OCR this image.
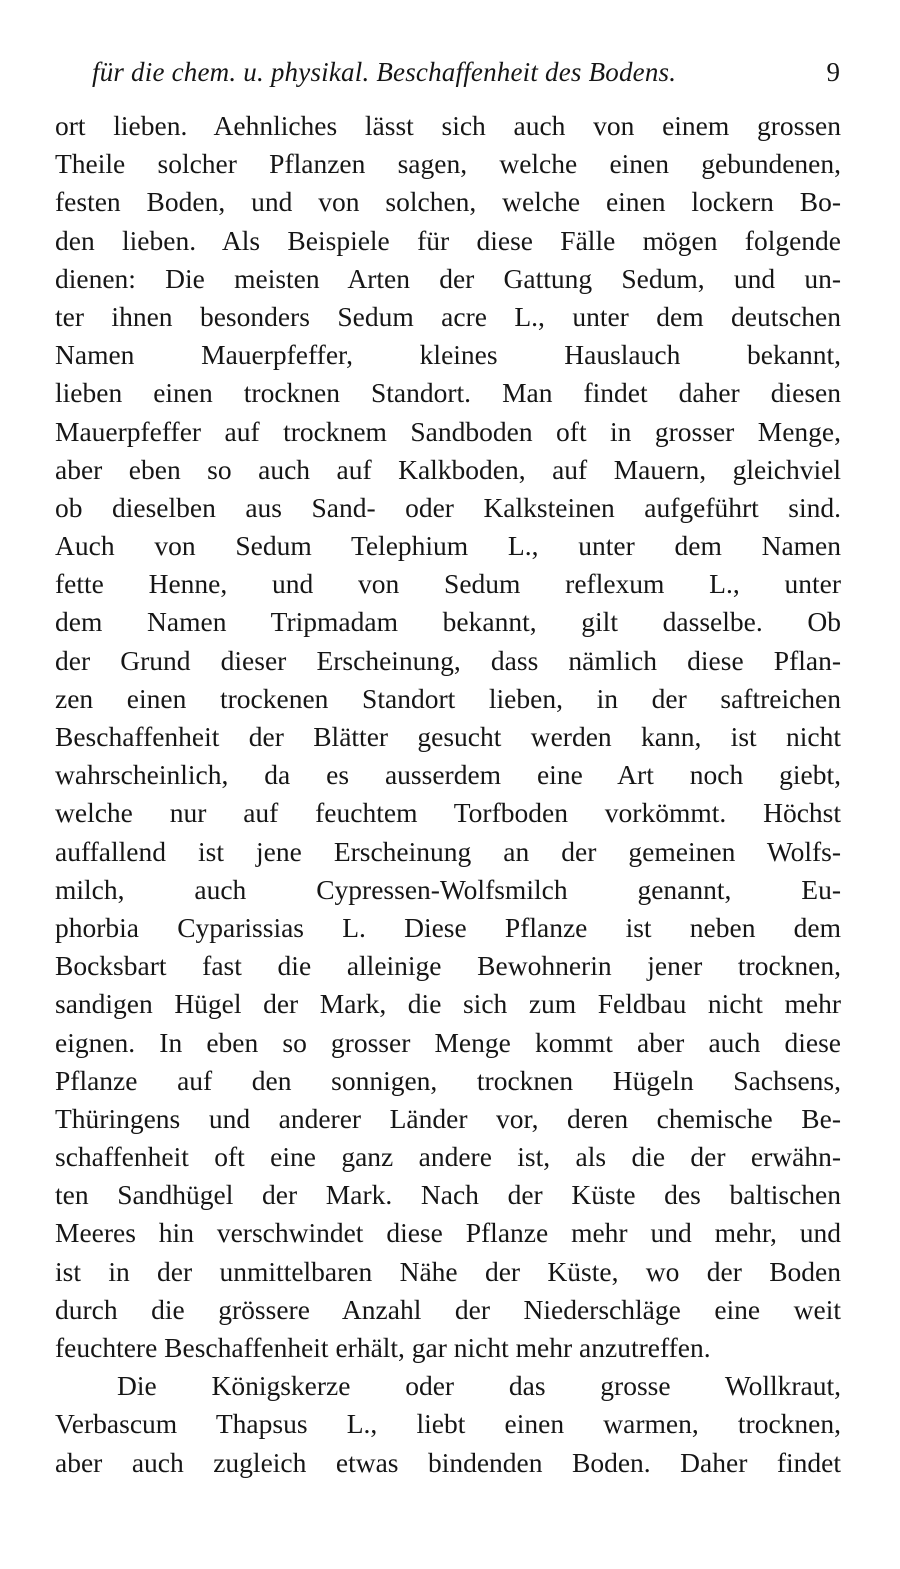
für die chem. u. physikal. Beschaffenheit des Bodens.	9
ort lieben. Aehnliches lässt sich auch von einem grossen
Theile solcher Pflanzen sagen, welche einen gebundenen,
festen Boden, und von solchen, welche einen lockern Bo-
den lieben. Als Beispiele für diese Fälle mögen folgende
dienen: Die meisten Arten der Gattung Sedum, und un-
ter ihnen besonders Sedum acre L., unter dem deutschen
Namen Mauerpfeffer, kleines Hauslauch bekannt,
lieben einen trocknen Standort. Man findet daher diesen
Mauerpfeffer auf trocknem Sandboden oft in grosser Menge,
aber eben so auch auf Kalkboden, auf Mauern, gleichviel
ob dieselben aus Sand- oder Kalksteinen aufgeführt sind.
Auch von Sedum Telephium L., unter dem Namen
fette Henne, und von Sedum reflexum L., unter
dem Namen Tripmadam bekannt, gilt dasselbe. Ob
der Grund dieser Erscheinung, dass nämlich diese Pflan-
zen einen trockenen Standort lieben, in der saftreichen
Beschaffenheit der Blätter gesucht werden kann, ist nicht
wahrscheinlich, da es ausserdem eine Art noch giebt,
welche nur auf feuchtem Torfboden vorkömmt. Höchst
auffallend ist jene Erscheinung an der gemeinen Wolfs-
milch, auch Cypressen-Wolfsmilch genannt, Eu-
phorbia Cyparissias L. Diese Pflanze ist neben dem
Bocksbart fast die alleinige Bewohnerin jener trocknen,
sandigen Hügel der Mark, die sich zum Feldbau nicht mehr
eignen. In eben so grosser Menge kommt aber auch diese
Pflanze auf den sonnigen, trocknen Hügeln Sachsens,
Thüringens und anderer Länder vor, deren chemische Be-
schaffenheit oft eine ganz andere ist, als die der erwähn-
ten Sandhügel der Mark. Nach der Küste des baltischen
Meeres hin verschwindet diese Pflanze mehr und mehr, und
ist in der unmittelbaren Nähe der Küste, wo der Boden
durch die grössere Anzahl der Niederschläge eine weit
feuchtere Beschaffenheit erhält, gar nicht mehr anzutreffen.
Die Königskerze oder das grosse Wollkraut,
Verbascum Thapsus L., liebt einen warmen, trocknen,
aber auch zugleich etwas bindenden Boden. Daher findet
